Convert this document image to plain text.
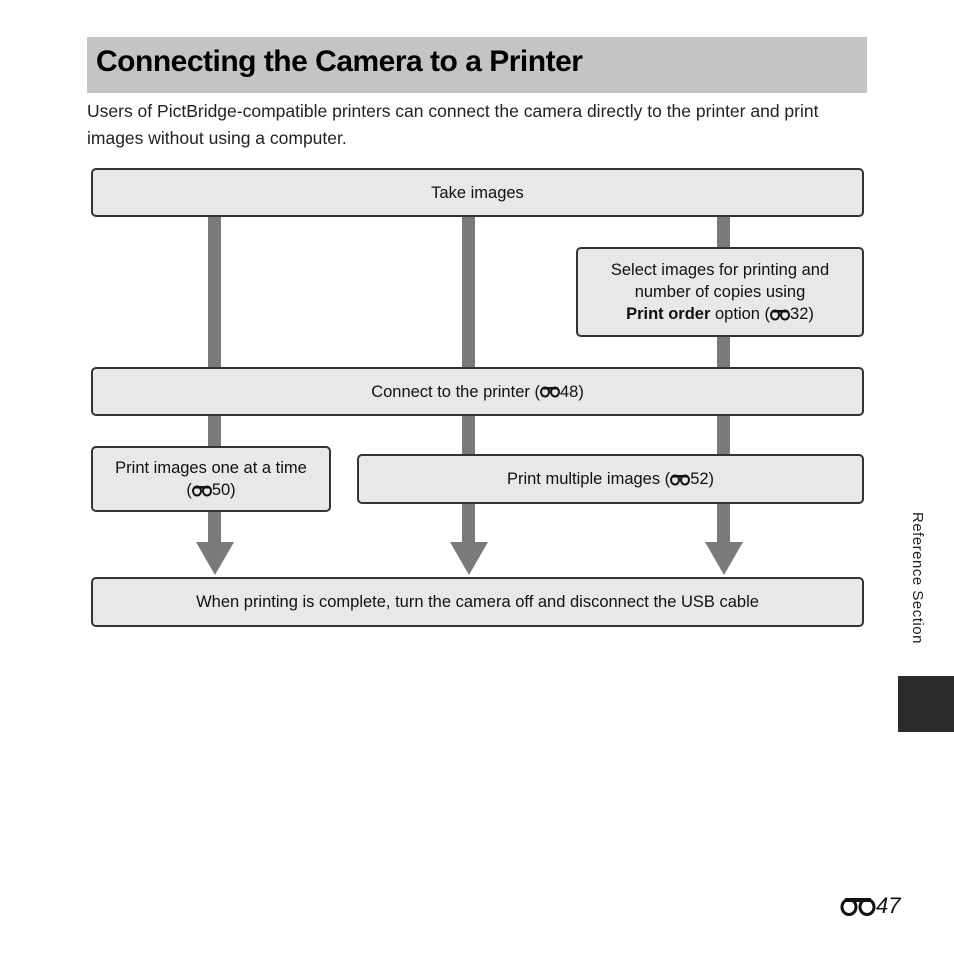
Connecting the Camera to a Printer
Users of PictBridge-compatible printers can connect the camera directly to the printer and print images without using a computer.
Take images
Select images for printing and
number of copies using
Print order option ( 32)
Connect to the printer ( 48)
Print images one at a time
( 50)
Print multiple images ( 52)
When printing is complete, turn the camera off and disconnect the USB cable	Reference Section
47
